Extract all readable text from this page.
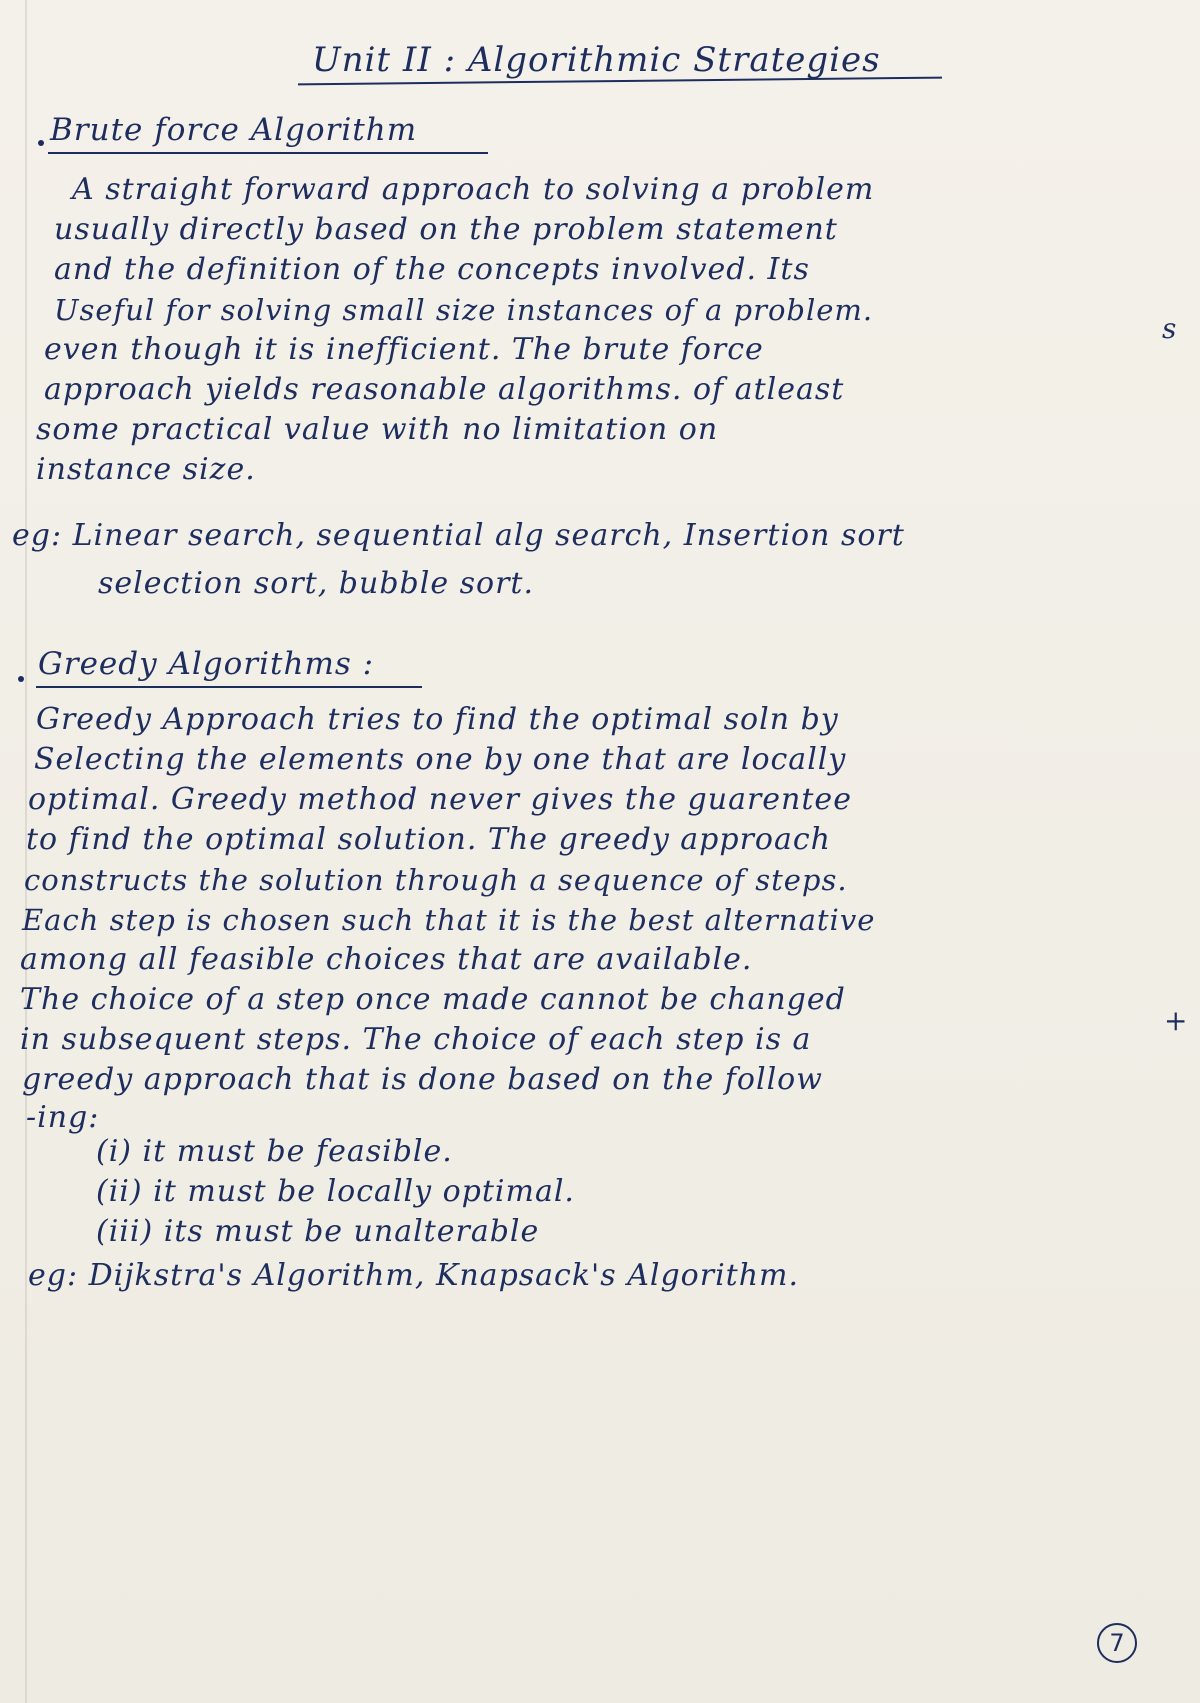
Unit II : Algorithmic Strategies
Brute force Algorithm
A straight forward approach to solving a problem
usually directly based on the problem statement
and the definition of the concepts involved. Its
Useful for solving small size instances of a problem.
even though it is inefficient. The brute force
approach yields reasonable algorithms. of atleast
some practical value with no limitation on
instance size.
eg: Linear search, sequential alg search, Insertion sort
selection sort, bubble sort.
Greedy Algorithms :
Greedy Approach tries to find the optimal soln by
Selecting the elements one by one that are locally
optimal. Greedy method never gives the guarentee
to find the optimal solution. The greedy approach
constructs the solution through a sequence of steps.
Each step is chosen such that it is the best alternative
among all feasible choices that are available.
The choice of a step once made cannot be changed
in subsequent steps. The choice of each step is a
greedy approach that is done based on the follow
-ing:
(i) it must be feasible.
(ii) it must be locally optimal.
(iii) its must be unalterable
eg: Dijkstra's Algorithm, Knapsack's Algorithm.
s
+
7
